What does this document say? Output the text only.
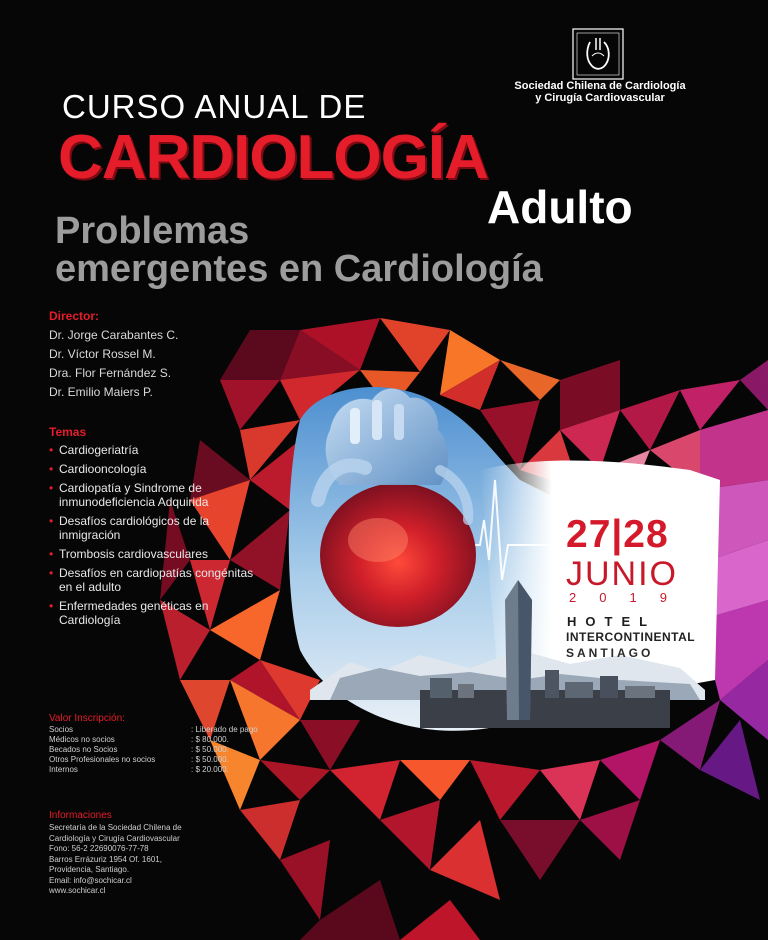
Sociedad Chilena de Cardiología
y Cirugía Cardiovascular
CURSO ANUAL DE
CARDIOLOGÍA
Adulto
Problemas
emergentes en Cardiología
Director:
Dr. Jorge Carabantes C.
Dr. Víctor Rossel M.
Dra. Flor Fernández S.
Dr. Emilio Maiers P.
Temas
• Cardiogeriatría
• Cardiooncología
• Cardiopatía y Sindrome de inmunodeficiencia Adquirida
• Desafíos cardiológicos de la inmigración
• Trombosis cardiovasculares
• Desafíos en cardiopatías congénitas en el adulto
• Enfermedades genéticas en Cardiología
Valor Inscripción:
Socios	: Liberado de pago
Médicos no socios	: $ 80.000.
Becados no Socios	: $ 50.000.
Otros Profesionales no socios	: $ 50.000.
Internos	: $ 20.000.
Informaciones
Secretaría de la Sociedad Chilena de
Cardiología y Cirugía Cardiovascular
Fono: 56-2 22690076-77-78
Barros Errázuriz 1954 Of. 1601,
Providencia, Santiago.
Email: info@sochicar.cl
www.sochicar.cl
27|28
JUNIO
2019
HOTEL
INTERCONTINENTAL
SANTIAGO
